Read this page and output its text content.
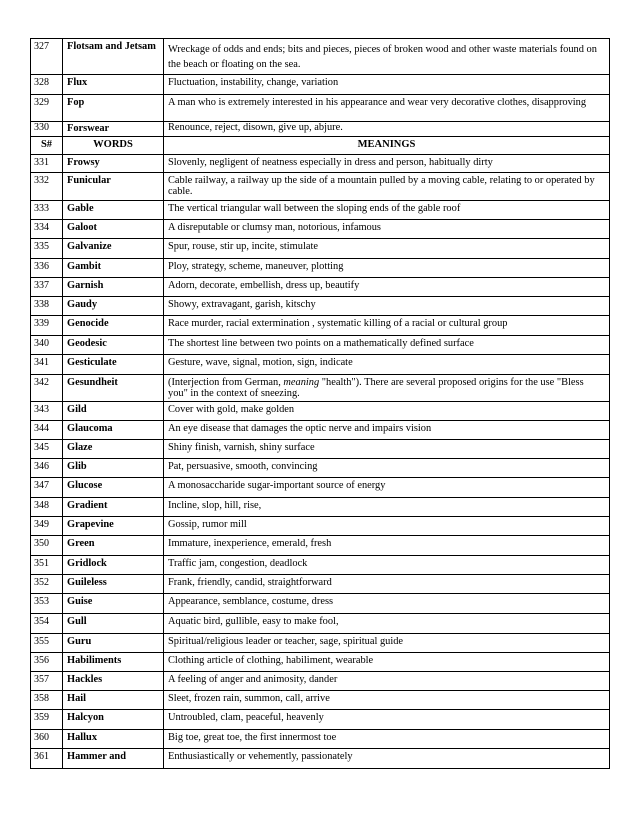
327	Flotsam and Jetsam	Wreckage of odds and ends; bits and pieces, pieces of broken wood and other waste materials found on the beach or floating on the sea.
328	Flux	Fluctuation, instability, change, variation
329	Fop	A man who is extremely interested in his appearance and wear very decorative clothes, disapproving
330	Forswear	Renounce, reject, disown, give up, abjure.
S#	WORDS	MEANINGS
331	Frowsy	Slovenly, negligent of neatness especially in dress and person, habitually dirty
332	Funicular	Cable railway, a railway up the side of a mountain pulled by a moving cable, relating to or operated by cable.
333	Gable	The vertical triangular wall between the sloping ends of the gable roof
334	Galoot	A disreputable or clumsy man, notorious, infamous
335	Galvanize	Spur, rouse, stir up, incite, stimulate
336	Gambit	Ploy, strategy, scheme, maneuver, plotting
337	Garnish	Adorn, decorate, embellish, dress up, beautify
338	Gaudy	Showy, extravagant, garish, kitschy
339	Genocide	Race murder, racial extermination , systematic killing of a racial or cultural group
340	Geodesic	The shortest line between two points on a mathematically defined surface
341	Gesticulate	Gesture, wave, signal, motion, sign, indicate
342	Gesundheit	(Interjection from German, meaning "health"). There are several proposed origins for the use "Bless you" in the context of sneezing.
343	Gild	Cover with gold, make golden
344	Glaucoma	An eye disease that damages the optic nerve and impairs vision
345	Glaze	Shiny finish, varnish, shiny surface
346	Glib	Pat, persuasive, smooth, convincing
347	Glucose	A monosaccharide sugar-important source of energy
348	Gradient	Incline, slop, hill, rise,
349	Grapevine	Gossip, rumor mill
350	Green	Immature, inexperience, emerald, fresh
351	Gridlock	Traffic jam, congestion, deadlock
352	Guileless	Frank, friendly, candid, straightforward
353	Guise	Appearance, semblance, costume, dress
354	Gull	Aquatic bird, gullible, easy to make fool,
355	Guru	Spiritual/religious leader or teacher, sage, spiritual guide
356	Habiliments	Clothing article of clothing, habiliment, wearable
357	Hackles	A feeling of anger and animosity, dander
358	Hail	Sleet, frozen rain, summon, call, arrive
359	Halcyon	Untroubled, clam, peaceful, heavenly
360	Hallux	Big toe, great toe, the first innermost toe
361	Hammer and	Enthusiastically or vehemently, passionately
